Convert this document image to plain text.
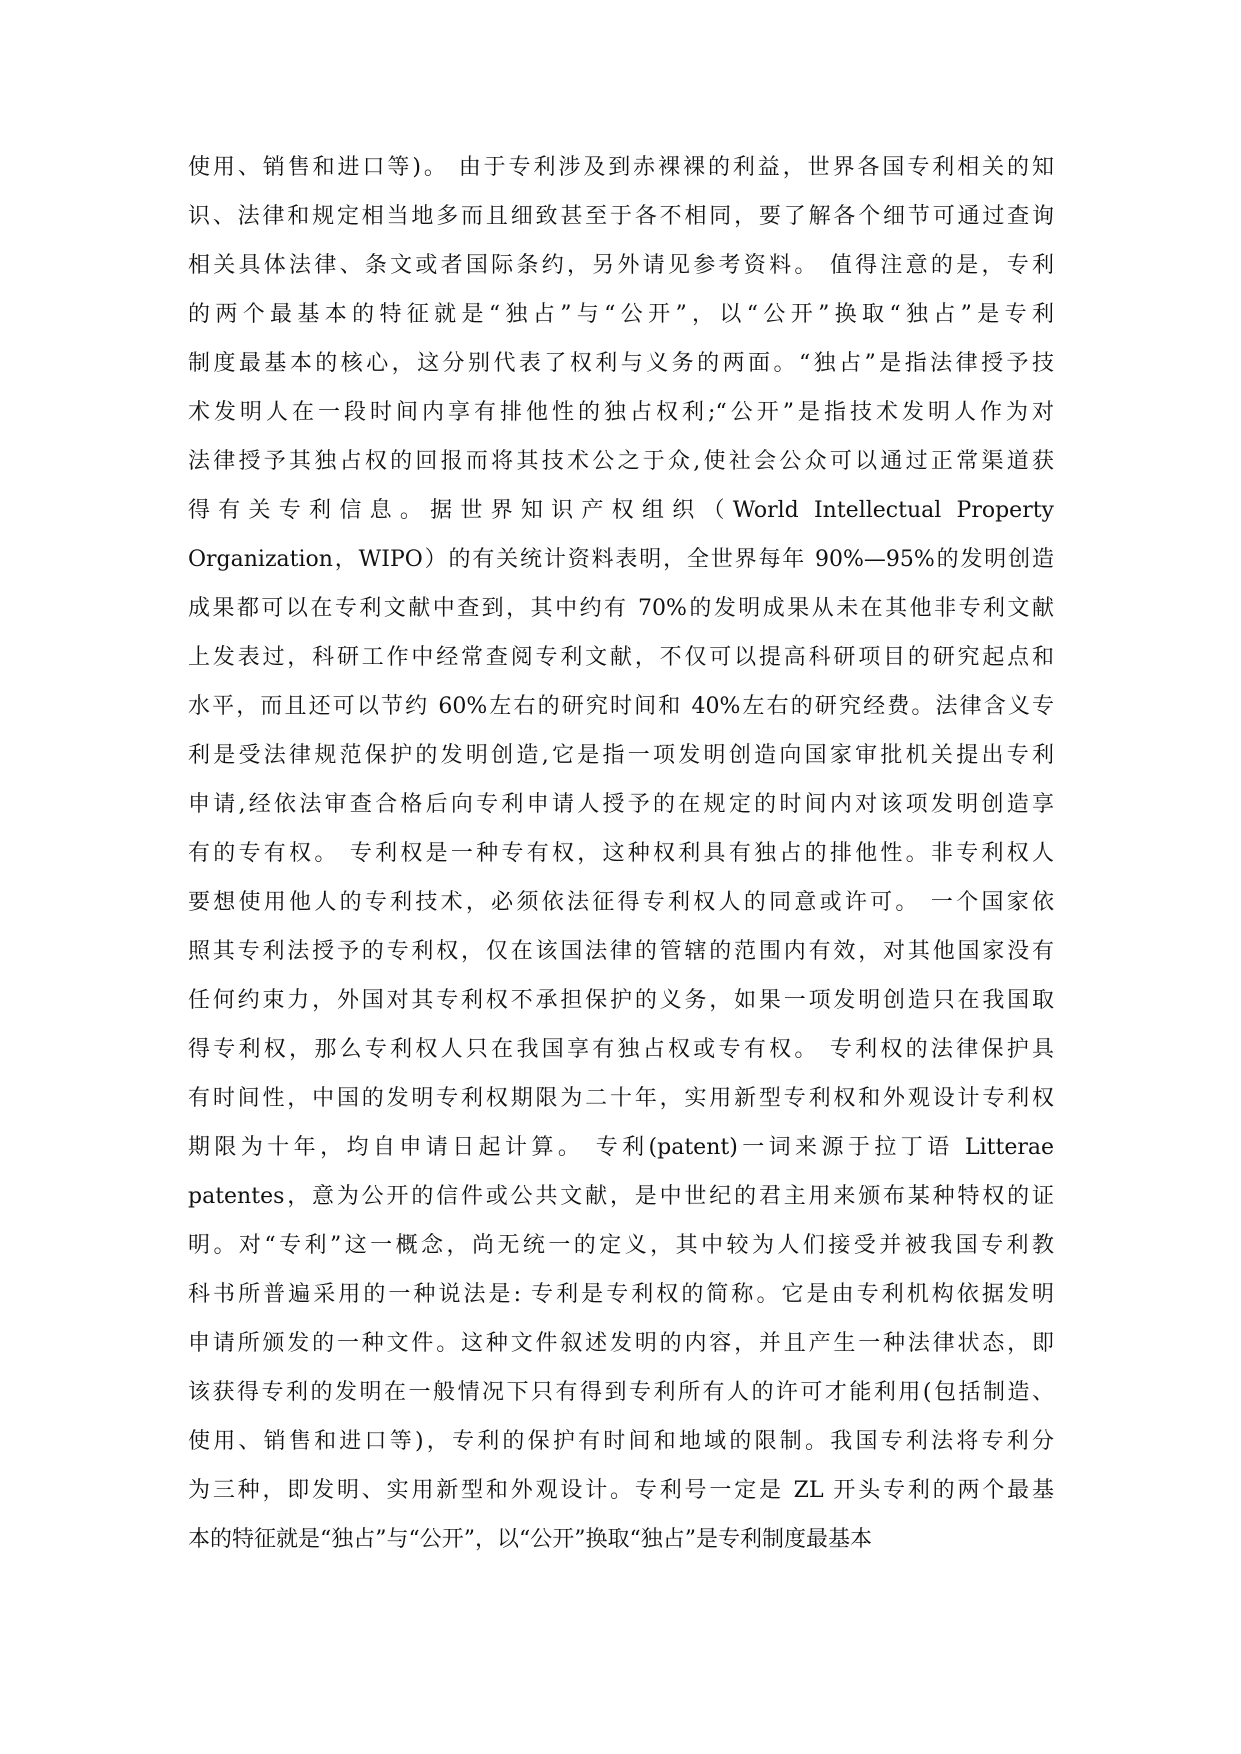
使用、销售和进口等)。 由于专利涉及到赤裸裸的利益，世界各国专利相关的知
识、法律和规定相当地多而且细致甚至于各不相同，要了解各个细节可通过查询
相关具体法律、条文或者国际条约，另外请见参考资料。 值得注意的是，专利
的两个最基本的特征就是“独占”与“公开”，以“公开”换取“独占”是专利
制度最基本的核心，这分别代表了权利与义务的两面。“独占”是指法律授予技
术发明人在一段时间内享有排他性的独占权利;“公开”是指技术发明人作为对
法律授予其独占权的回报而将其技术公之于众,使社会公众可以通过正常渠道获
得有关专利信息。据世界知识产权组织（World Intellectual Property
Organization，WIPO）的有关统计资料表明，全世界每年 90%—95%的发明创造
成果都可以在专利文献中查到，其中约有 70%的发明成果从未在其他非专利文献
上发表过，科研工作中经常查阅专利文献，不仅可以提高科研项目的研究起点和
水平，而且还可以节约 60%左右的研究时间和 40%左右的研究经费。法律含义专
利是受法律规范保护的发明创造,它是指一项发明创造向国家审批机关提出专利
申请,经依法审查合格后向专利申请人授予的在规定的时间内对该项发明创造享
有的专有权。 专利权是一种专有权，这种权利具有独占的排他性。非专利权人
要想使用他人的专利技术，必须依法征得专利权人的同意或许可。 一个国家依
照其专利法授予的专利权，仅在该国法律的管辖的范围内有效，对其他国家没有
任何约束力，外国对其专利权不承担保护的义务，如果一项发明创造只在我国取
得专利权，那么专利权人只在我国享有独占权或专有权。 专利权的法律保护具
有时间性，中国的发明专利权期限为二十年，实用新型专利权和外观设计专利权
期限为十年，均自申请日起计算。 专利(patent)一词来源于拉丁语 Litterae
patentes，意为公开的信件或公共文献，是中世纪的君主用来颁布某种特权的证
明。对“专利”这一概念，尚无统一的定义，其中较为人们接受并被我国专利教
科书所普遍采用的一种说法是: 专利是专利权的简称。它是由专利机构依据发明
申请所颁发的一种文件。这种文件叙述发明的内容，并且产生一种法律状态，即
该获得专利的发明在一般情况下只有得到专利所有人的许可才能利用(包括制造、
使用、销售和进口等)，专利的保护有时间和地域的限制。我国专利法将专利分
为三种，即发明、实用新型和外观设计。专利号一定是 ZL 开头专利的两个最基
本的特征就是“独占”与“公开”，以“公开”换取“独占”是专利制度最基本
